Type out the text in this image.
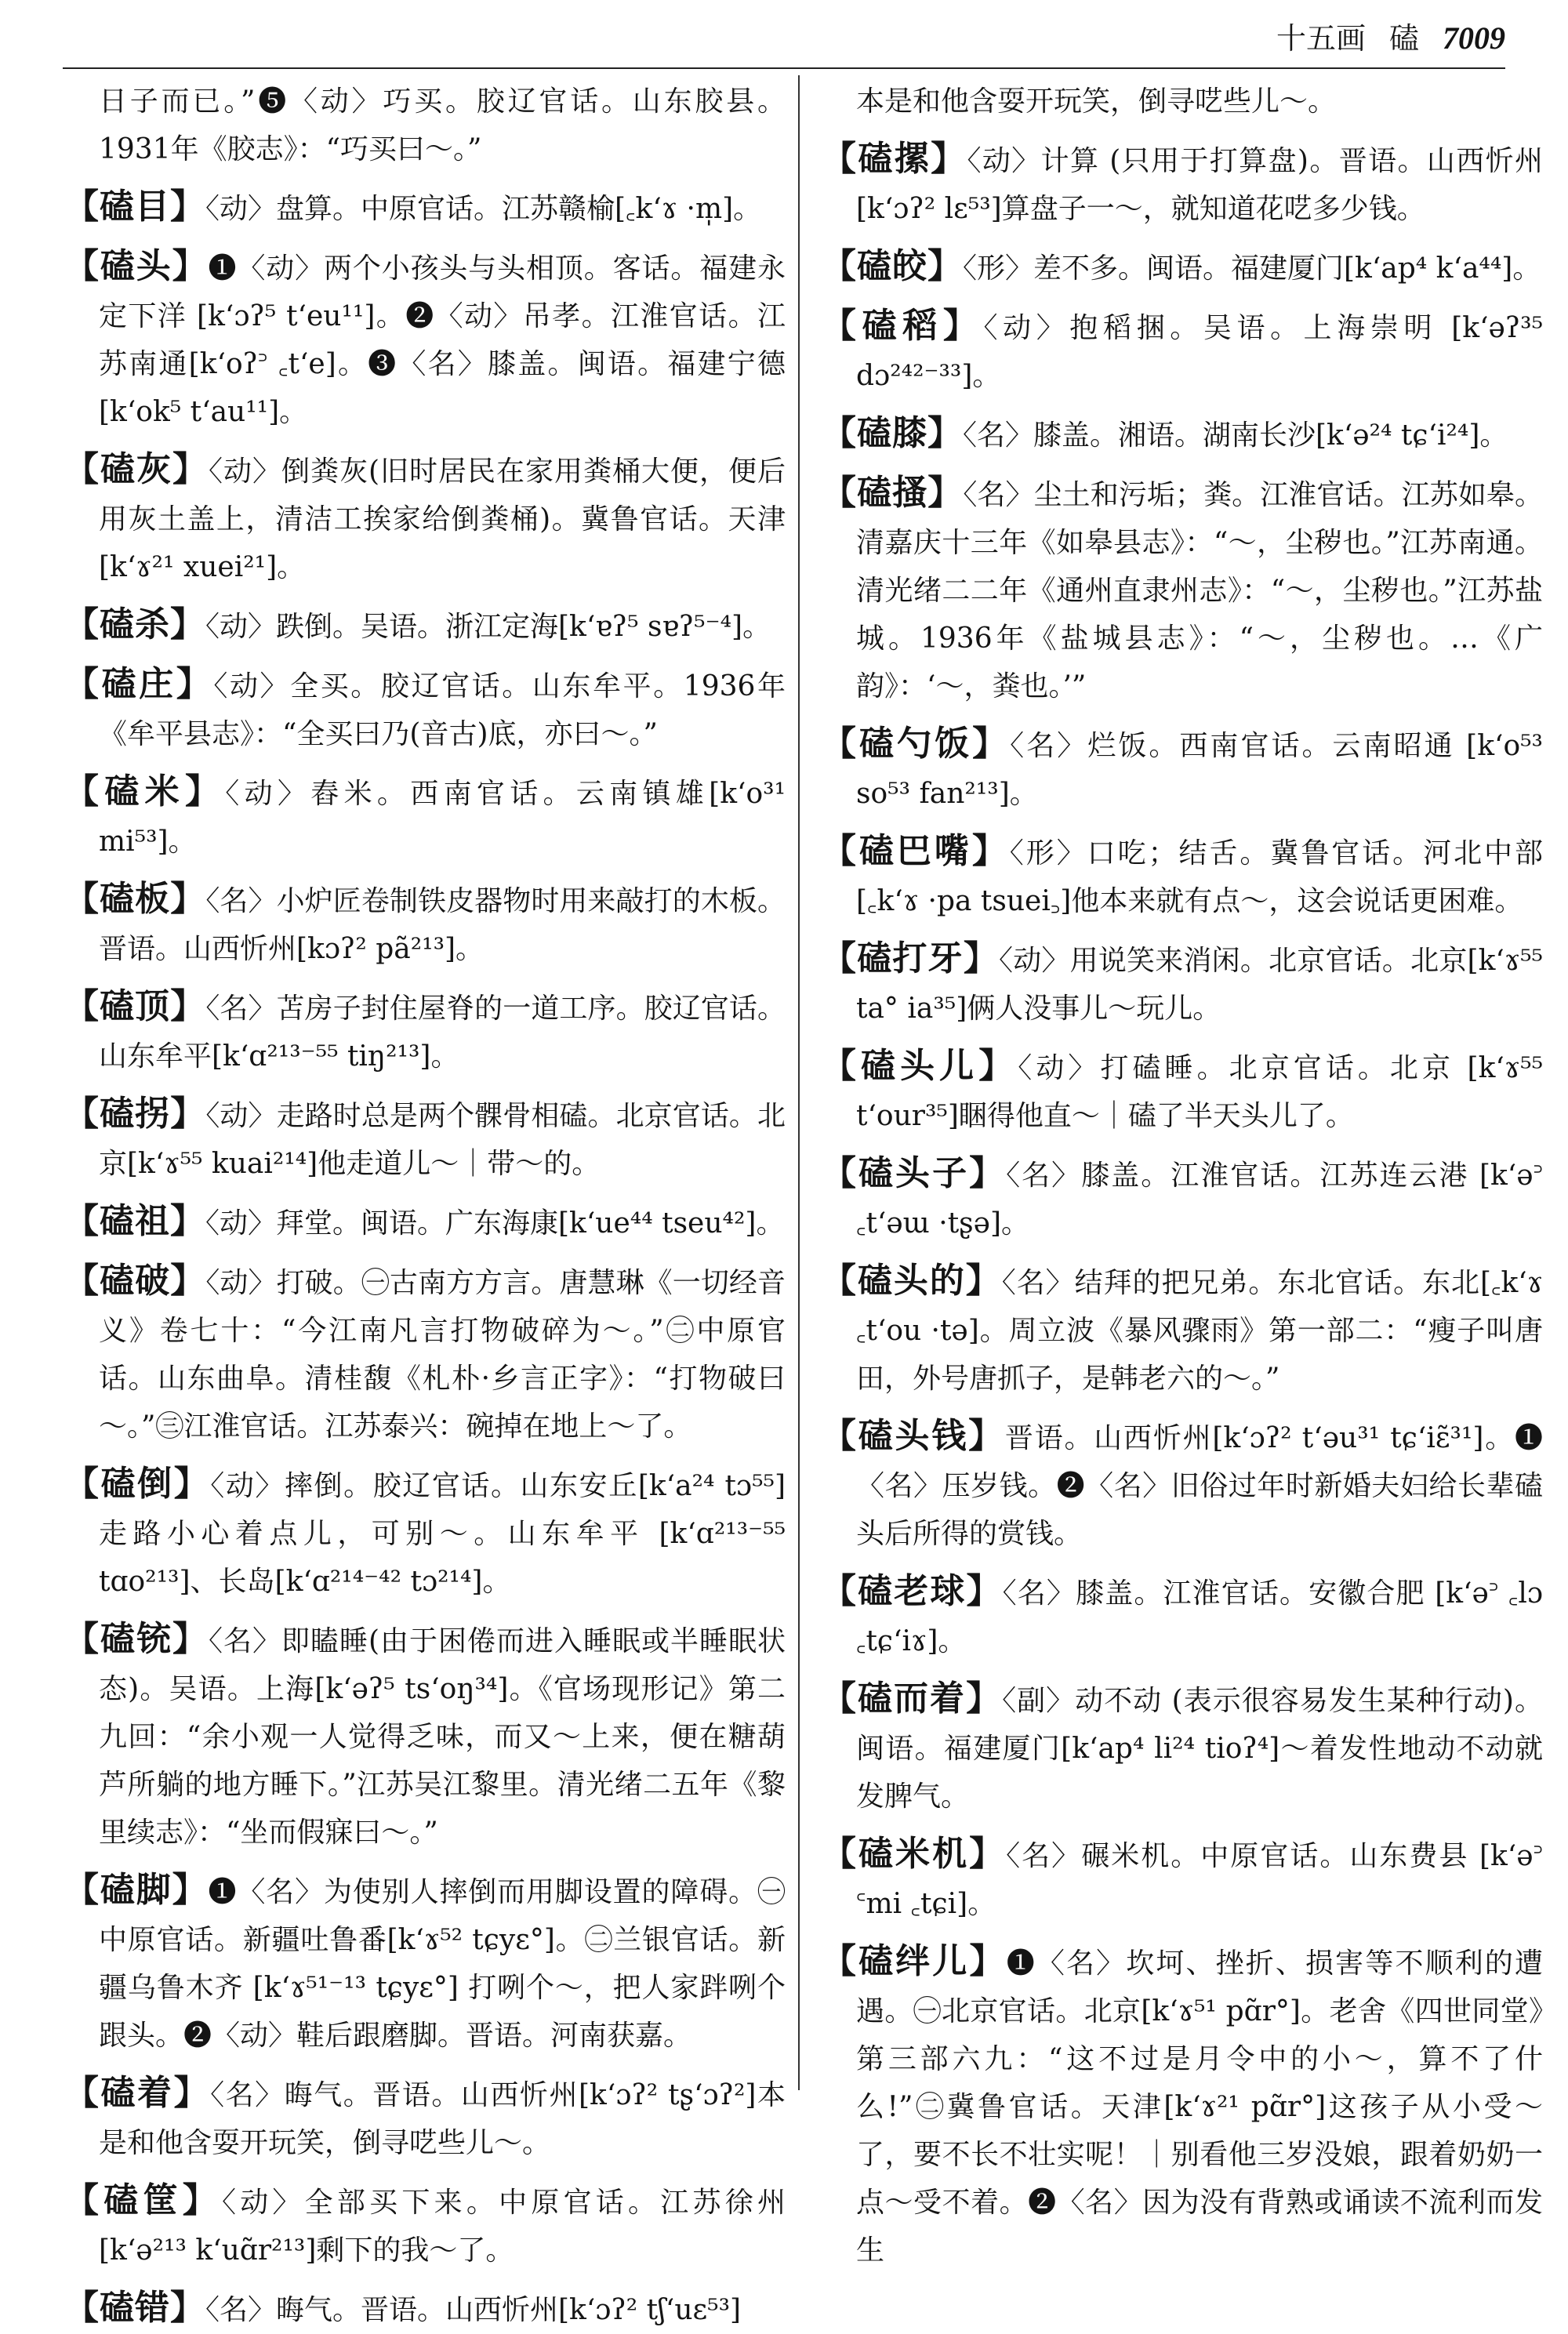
十五画 磕 7009

日子而已。”❺〈动〉巧买。胶辽官话。山东胶县。1931年《胶志》：“巧买曰～。”

【磕目】〈动〉盘算。中原官话。江苏赣榆[꜀kʻɤ ·m̩]。

【磕头】❶〈动〉两个小孩头与头相顶。客话。福建永定下洋 [kʻɔʔ⁵ tʻeu¹¹]。❷〈动〉吊孝。江淮官话。江苏南通[kʻoʔ꜄ ꜀tʻe]。❸〈名〉膝盖。闽语。福建宁德[kʻok⁵ tʻau¹¹]。

【磕灰】〈动〉倒粪灰(旧时居民在家用粪桶大便，便后用灰土盖上，清洁工挨家给倒粪桶)。冀鲁官话。天津[kʻɤ²¹ xuei²¹]。

【磕杀】〈动〉跌倒。吴语。浙江定海[kʻɐʔ⁵ sɐʔ⁵⁻⁴]。

【磕庄】〈动〉全买。胶辽官话。山东牟平。1936年《牟平县志》：“全买曰乃(音古)底，亦曰～。”

【磕米】〈动〉舂米。西南官话。云南镇雄[kʻo³¹ mi⁵³]。

【磕板】〈名〉小炉匠卷制铁皮器物时用来敲打的木板。晋语。山西忻州[kɔʔ² pã²¹³]。

【磕顶】〈名〉苫房子封住屋脊的一道工序。胶辽官话。山东牟平[kʻɑ²¹³⁻⁵⁵ tiŋ²¹³]。

【磕拐】〈动〉走路时总是两个髁骨相磕。北京官话。北京[kʻɤ⁵⁵ kuai²¹⁴]他走道儿～｜带～的。

【磕祖】〈动〉拜堂。闽语。广东海康[kʻue⁴⁴ tseu⁴²]。

【磕破】〈动〉打破。㊀古南方方言。唐慧琳《一切经音义》卷七十：“今江南凡言打物破碎为～。”㊁中原官话。山东曲阜。清桂馥《札朴·乡言正字》：“打物破曰～。”㊂江淮官话。江苏泰兴：碗掉在地上～了。

【磕倒】〈动〉摔倒。胶辽官话。山东安丘[kʻa²⁴ tɔ⁵⁵]走路小心着点儿，可别～。山东牟平 [kʻɑ²¹³⁻⁵⁵ tɑo²¹³]、长岛[kʻɑ²¹⁴⁻⁴² tɔ²¹⁴]。

【磕铳】〈名〉即瞌睡(由于困倦而进入睡眠或半睡眠状态)。吴语。上海[kʻəʔ⁵ tsʻoŋ³⁴]。《官场现形记》第二九回：“余小观一人觉得乏味，而又～上来，便在糖葫芦所躺的地方睡下。”江苏吴江黎里。清光绪二五年《黎里续志》：“坐而假寐曰～。”

【磕脚】❶〈名〉为使别人摔倒而用脚设置的障碍。㊀中原官话。新疆吐鲁番[kʻɤ⁵² tɕyɛ°]。㊁兰银官话。新疆乌鲁木齐 [kʻɤ⁵¹⁻¹³ tɕyɛ°] 打咧个～，把人家跘咧个跟头。❷〈动〉鞋后跟磨脚。晋语。河南获嘉。

【磕着】〈名〉晦气。晋语。山西忻州[kʻɔʔ² tʂʻɔʔ²]本是和他含耍开玩笑，倒寻呓些儿～。

【磕筐】〈动〉全部买下来。中原官话。江苏徐州 [kʻə²¹³ kʻuɑ̃r²¹³]剩下的我～了。

【磕错】〈名〉晦气。晋语。山西忻州[kʻɔʔ² tʃʻuɛ⁵³]

本是和他含耍开玩笑，倒寻呓些儿～。

【磕摞】〈动〉计算 (只用于打算盘)。晋语。山西忻州[kʻɔʔ² lɛ⁵³]算盘子一～，就知道花呓多少钱。

【磕皎】〈形〉差不多。闽语。福建厦门[kʻap⁴ kʻa⁴⁴]。

【磕稻】〈动〉抱稻捆。吴语。上海崇明 [kʻəʔ³⁵ dɔ²⁴²⁻³³]。

【磕膝】〈名〉膝盖。湘语。湖南长沙[kʻə²⁴ tɕʻi²⁴]。

【磕搔】〈名〉尘土和污垢；粪。江淮官话。江苏如皋。清嘉庆十三年《如皋县志》：“～，尘秽也。”江苏南通。清光绪二二年《通州直隶州志》：“～，尘秽也。”江苏盐城。1936年《盐城县志》：“～，尘秽也。…《广韵》：‘～，粪也。’”

【磕勺饭】〈名〉烂饭。西南官话。云南昭通 [kʻo⁵³ so⁵³ fan²¹³]。

【磕巴嘴】〈形〉口吃；结舌。冀鲁官话。河北中部[꜀kʻɤ ·pa tsuei꜆]他本来就有点～，这会说话更困难。

【磕打牙】〈动〉用说笑来消闲。北京官话。北京[kʻɤ⁵⁵ ta° ia³⁵]俩人没事儿～玩儿。

【磕头儿】〈动〉打磕睡。北京官话。北京 [kʻɤ⁵⁵ tʻour³⁵]睏得他直～｜磕了半天头儿了。

【磕头子】〈名〉膝盖。江淮官话。江苏连云港 [kʻə꜄ ꜀tʻəɯ ·tʂə]。

【磕头的】〈名〉结拜的把兄弟。东北官话。东北[꜀kʻɤ ꜀tʻou ·tə]。周立波《暴风骤雨》第一部二：“瘦子叫唐田，外号唐抓子，是韩老六的～。”

【磕头钱】晋语。山西忻州[kʻɔʔ² tʻəu³¹ tɕʻiɛ̃³¹]。❶〈名〉压岁钱。❷〈名〉旧俗过年时新婚夫妇给长辈磕头后所得的赏钱。

【磕老球】〈名〉膝盖。江淮官话。安徽合肥 [kʻə꜄ ꜀lɔ ꜀tɕʻiɤ]。

【磕而着】〈副〉动不动 (表示很容易发生某种行动)。闽语。福建厦门[kʻap⁴ li²⁴ tioʔ⁴]～着发性地动不动就发脾气。

【磕米机】〈名〉碾米机。中原官话。山东费县 [kʻə꜄ ꜂mi ꜀tɕi]。

【磕绊儿】❶〈名〉坎坷、挫折、损害等不顺利的遭遇。㊀北京官话。北京[kʻɤ⁵¹ pɑ̃r°]。老舍《四世同堂》第三部六九：“这不过是月令中的小～，算不了什么!”㊁冀鲁官话。天津[kʻɤ²¹ pɑ̃r°]这孩子从小受～了，要不长不壮实呢！｜别看他三岁没娘，跟着奶奶一点～受不着。❷〈名〉因为没有背熟或诵读不流利而发生
